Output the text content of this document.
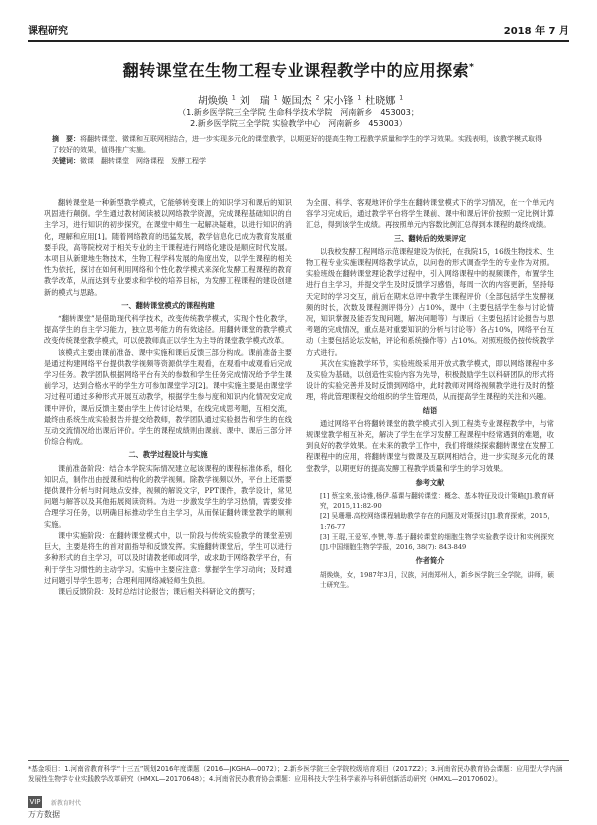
课程研究	2018 年 7 月
翻转课堂在生物工程专业课程教学中的应用探索*
胡焕焕 $^1$ 刘　瑞 $^1$ 姬国杰 $^2$ 宋小锋 $^1$ 杜晓娜 $^1$
（1.新乡医学院三全学院 生命科学技术学院　河南新乡　453003；
2.新乡医学院三全学院 实验教学中心　河南新乡　453003）
摘　要：将翻转课堂、微课和互联网相结合，进一步实现多元化的课堂教学，以期更好的提高生物工程教学质量和学生的学习效果。实践表明，该教学模式取得了较好的效果，值得推广实施。
关键词：微课　翻转课堂　网络课程　发酵工程学

翻转课堂是一种新型教学模式，它能够转变课上的知识学习和课后的知识巩固进行颠倒。学生通过教材阅读被以网络教学资源，完成课程基础知识的自主学习，进行知识的初步探究，在课堂中师生一起解决疑难，以进行知识的消化，理解和应用[1]。随着网络教育的迅猛发展，教学信息化已成为教育发展重要手段，高等院校对于相关专业的主干课程进行网络化建设是顺应时代发展。本项目从新建地生物技术，生物工程学科发展的角度出发，以学生课程的相关性为依托，探讨在如何利用网络和个性化教学模式来深化发酵工程课程的教育教学改革，从而达到专业要求和学校的培养目标，为发酵工程课程的建设创建新的模式与思路。

一、翻转课堂模式的课程构建

“翻转课堂”是借助现代科学技术，改变传统教学模式，实现个性化教学，提高学生的自主学习能力，独立思考能力的有效途径。用翻转课堂的教学模式改变传统课堂教学模式，可以使教师真正以学生为主导的课堂教学模式改革。

该模式主要由课前准备、课中实施和课后反馈三部分构成。课前准备主要是通过构建网络平台提供教学视频等资源供学生观看，在观看中或观看后完成学习任务。教学团队根据网络平台有关的参数和学生任务完成情况给予学生课前学习，达到合格水平的学生方可参加课堂学习[2]。课中实施主要是由课堂学习过程可通过多种形式开展互动教学，根据学生参与度和知识内化情况安定成课中评价，课后反馈主要由学生上传讨论结果，在线完成思考题，互相交流，最终由系统生成实验报告并提交给教师，教学团队通过实验报告和学生的在线互动交流情况给出课后评价。学生的课程成绩则由课前、课中、课后三部分评价综合构成。

二、教学过程设计与实施

课前准备阶段：结合本学院实际情况建立起该课程的课程标准体系，细化知识点，制作出由授课和结构化的教学视频。除教学视频以外，平台上还需要提供课件分析与时间地点安排，视频的解说文字，PPT课件，教学设计，常见问题与解答以及其他拓展阅读资料。为进一步激发学生的学习热情，需要安排合理学习任务，以明确目标推动学生自主学习，从而保证翻转课堂教学的顺利实施。

课中实施阶段：在翻转课堂模式中，以一阶段与传统实验教学的课堂差别巨大，主要是将生的首对面指导和反馈发挥。实施翻转课堂后，学生可以进行多种形式的自主学习，可以及时请教老师或同学，或求助于网络教学平台，有利于学生习惯性的主动学习。实施中主要应注意：掌握学生学习动向；及时通过问题引导学生思考；合理利用网络减轻师生负担。

课后反馈阶段：及时总结讨论报告；课后相关科研论文的撰写；

为全面、科学、客观地评价学生在翻转课堂模式下的学习情况，在一个单元内容学习完成后，通过教学平台将学生课前、课中和课后评价按照一定比例计算汇总，得到该学生成绩。再按照单元内容数比例汇总得到本课程的最终成绩。

三、翻转后的效果评定

以我校发酵工程网络示范课程建设为依托，在我院15，16级生物技术、生物工程专业实施课程网络教学试点，以问卷的形式调查学生的专业作为对照。实验班级在翻转课堂理论教学过程中，引入网络课程中的视频课件，布置学生进行自主学习，并提交学生及时反馈学习感悟，每周一次的内容更新，坚持每天定时的学习交互，前后在期末总评中教学生课程评价（全部包括学生发酵视频的时长，次数及课程测评得分）占10%，课中（主要包括学生参与讨论情况，知识掌握及能否发现问题，解决问题等）与课后（主要包括讨论报告与思考题的完成情况，重点是对重要知识的分析与讨论等）各占10%，网络平台互动（主要包括论坛发帖，评论和系统操作等）占10%。对照班级仍按传统教学方式进行。

其次在实施教学环节，实验班级采用开放式教学模式，即以网络课程中多及实验为基础，以创造性实验内容为先导，积极鼓励学生以科研团队的形式将设计的实验完善并及时反馈到网络中，此时教师对网络视频教学进行及时的整理，将此管理课程交给组织的学生管理员，从而提高学生课程的关注和兴趣。

结语

通过网络平台将翻转课堂的教学模式引入到工程类专业课程教学中，与常规课堂教学相互补充，解决了学生在学习发酵工程课程中经常遇到的难题，收到良好的教学效果。在未来的教学工作中，我们将继续探索翻转课堂在发酵工程课程中的应用，将翻转课堂与微课及互联网相结合，进一步实现多元化的课堂教学，以期更好的提高发酵工程教学质量和学生的学习效果。

参考文献

[1] 蔡宝来,张诗雅,杨伊.慕课与翻转课堂：概念、基本特征及设计策略[J].教育研究，2015,11:82-90

[2] 吴珊珊.高校网络课程辅助教学存在的问题及对策探讨[J].教育探索，2015，1:76-77

[3] 王琨,王爱军,李赞,等.基于翻转课堂的细胞生物学实验教学设计和实例探究[J].中国细胞生物学学报，2016, 38(7): 843-849

作者简介

胡焕焕，女，1987年3月，汉族，河南郑州人，新乡医学院三全学院，讲师，硕士研究生。

*基金项目：1.河南省教育科学“十三五”规划2016年度课题（2016—JKGHA—0072）；2.新乡医学院三全学院校级培育项目（2017Z2）；3.河南省民办教育协会课题：应用型大学内涵发展性生物学专业实践教学改革研究（HMXL—20170648）；4.河南省民办教育协会课题：应用科技大学生科学素养与科研创新活动研究（HMXL—20170602）。
VIP 新教育时代
万方数据
